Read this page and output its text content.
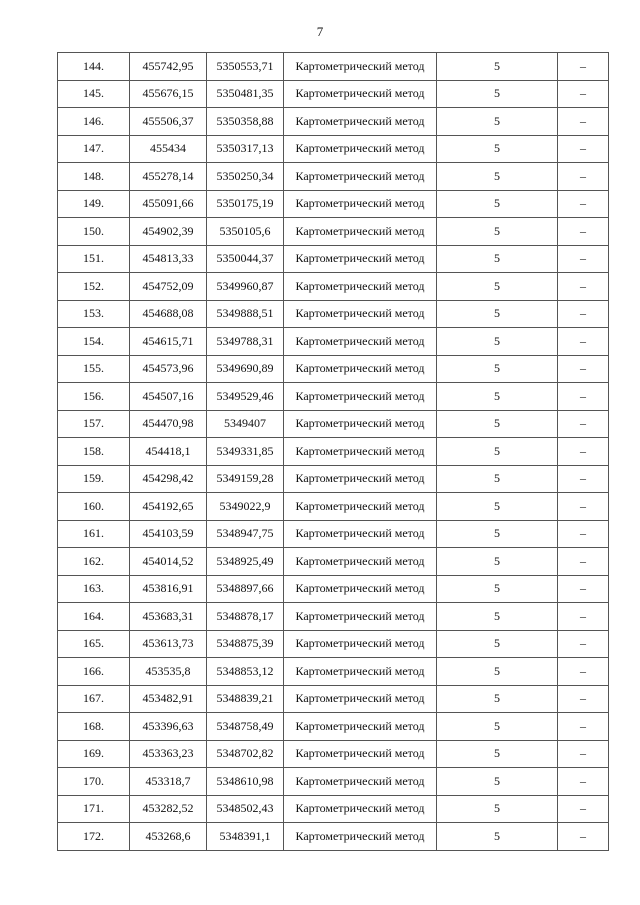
7
144.	455742,95	5350553,71	Картометрический метод	5	–
145.	455676,15	5350481,35	Картометрический метод	5	–
146.	455506,37	5350358,88	Картометрический метод	5	–
147.	455434	5350317,13	Картометрический метод	5	–
148.	455278,14	5350250,34	Картометрический метод	5	–
149.	455091,66	5350175,19	Картометрический метод	5	–
150.	454902,39	5350105,6	Картометрический метод	5	–
151.	454813,33	5350044,37	Картометрический метод	5	–
152.	454752,09	5349960,87	Картометрический метод	5	–
153.	454688,08	5349888,51	Картометрический метод	5	–
154.	454615,71	5349788,31	Картометрический метод	5	–
155.	454573,96	5349690,89	Картометрический метод	5	–
156.	454507,16	5349529,46	Картометрический метод	5	–
157.	454470,98	5349407	Картометрический метод	5	–
158.	454418,1	5349331,85	Картометрический метод	5	–
159.	454298,42	5349159,28	Картометрический метод	5	–
160.	454192,65	5349022,9	Картометрический метод	5	–
161.	454103,59	5348947,75	Картометрический метод	5	–
162.	454014,52	5348925,49	Картометрический метод	5	–
163.	453816,91	5348897,66	Картометрический метод	5	–
164.	453683,31	5348878,17	Картометрический метод	5	–
165.	453613,73	5348875,39	Картометрический метод	5	–
166.	453535,8	5348853,12	Картометрический метод	5	–
167.	453482,91	5348839,21	Картометрический метод	5	–
168.	453396,63	5348758,49	Картометрический метод	5	–
169.	453363,23	5348702,82	Картометрический метод	5	–
170.	453318,7	5348610,98	Картометрический метод	5	–
171.	453282,52	5348502,43	Картометрический метод	5	–
172.	453268,6	5348391,1	Картометрический метод	5	–
